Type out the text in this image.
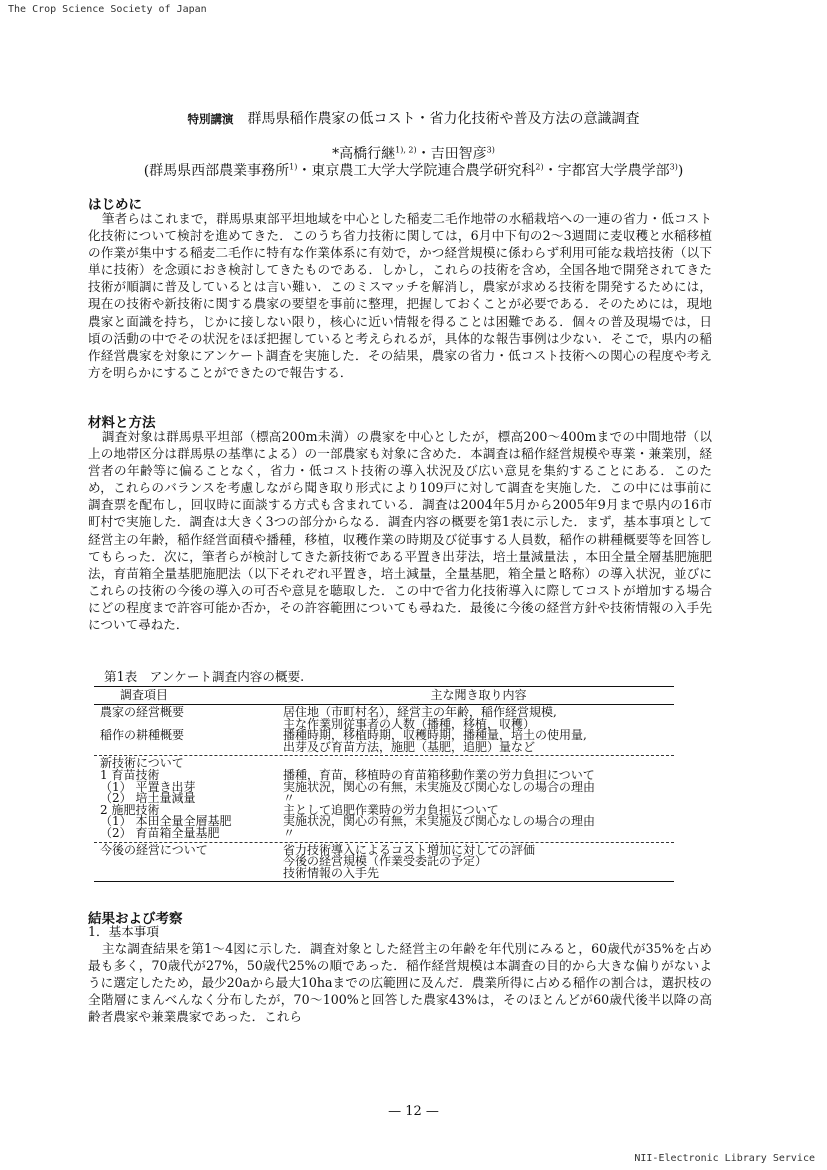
The Crop Science Society of Japan
特別講演 群馬県稲作農家の低コスト・省力化技術や普及方法の意識調査
*高橋行継$^{1), 2)}$・吉田智彦$^{3)}$
(群馬県西部農業事務所$^{1)}$・東京農工大学大学院連合農学研究科$^{2)}$・宇都宮大学農学部$^{3)}$)
はじめに
筆者らはこれまで，群馬県東部平坦地域を中心とした稲麦二毛作地帯の水稲栽培への一連の省力・低コスト化技術について検討を進めてきた．このうち省力技術に関しては，6月中下旬の2～3週間に麦収穫と水稲移植の作業が集中する稲麦二毛作に特有な作業体系に有効で，かつ経営規模に係わらず利用可能な栽培技術（以下単に技術）を念頭におき検討してきたものである．しかし，これらの技術を含め，全国各地で開発されてきた技術が順調に普及しているとは言い難い．このミスマッチを解消し，農家が求める技術を開発するためには，現在の技術や新技術に関する農家の要望を事前に整理，把握しておくことが必要である．そのためには，現地農家と面識を持ち，じかに接しない限り，核心に近い情報を得ることは困難である．個々の普及現場では，日頃の活動の中でその状況をほぼ把握していると考えられるが，具体的な報告事例は少ない．そこで，県内の稲作経営農家を対象にアンケート調査を実施した．その結果，農家の省力・低コスト技術への関心の程度や考え方を明らかにすることができたので報告する．
材料と方法
調査対象は群馬県平坦部（標高200m未満）の農家を中心としたが，標高200～400mまでの中間地帯（以上の地帯区分は群馬県の基準による）の一部農家も対象に含めた．本調査は稲作経営規模や専業・兼業別，経営者の年齢等に偏ることなく，省力・低コスト技術の導入状況及び広い意見を集約することにある．このため，これらのバランスを考慮しながら聞き取り形式により109戸に対して調査を実施した．この中には事前に調査票を配布し，回収時に面談する方式も含まれている．調査は2004年5月から2005年9月まで県内の16市町村で実施した．調査は大きく3つの部分からなる．調査内容の概要を第1表に示した．まず，基本事項として経営主の年齢，稲作経営面積や播種，移植，収穫作業の時期及び従事する人員数，稲作の耕種概要等を回答してもらった．次に，筆者らが検討してきた新技術である平置き出芽法，培土量減量法 ，本田全量全層基肥施肥法，育苗箱全量基肥施肥法（以下それぞれ平置き，培土減量，全量基肥，箱全量と略称）の導入状況，並びにこれらの技術の今後の導入の可否や意見を聴取した．この中で省力化技術導入に際してコストが増加する場合にどの程度まで許容可能か否か，その許容範囲についても尋ねた．最後に今後の経営方針や技術情報の入手先について尋ねた．
第1表　アンケート調査内容の概要.
調査項目	主な聞き取り内容
農家の経営概要	居住地（市町村名），経営主の年齢，稲作経営規模,
主な作業別従事者の人数（播種，移植，収穫）
稲作の耕種概要	播種時期，移植時期，収穫時期，播種量，培土の使用量,
出芽及び育苗方法，施肥（基肥，追肥）量など
新技術について
1 育苗技術	播種，育苗，移植時の育苗箱移動作業の労力負担について
（1） 平置き出芽	実施状況，関心の有無，未実施及び関心なしの場合の理由
（2） 培土量減量	〃
2 施肥技術	主として追肥作業時の労力負担について
（1） 本田全量全層基肥	実施状況，関心の有無，未実施及び関心なしの場合の理由
（2） 育苗箱全量基肥	〃
今後の経営について	省力技術導入によるコスト増加に対しての評価
今後の経営規模（作業受委託の予定）
技術情報の入手先
結果および考察
1．基本事項
主な調査結果を第1～4図に示した．調査対象とした経営主の年齢を年代別にみると，60歳代が35%を占め最も多く，70歳代が27%，50歳代25%の順であった．稲作経営規模は本調査の目的から大きな偏りがないように選定したため，最少20aから最大10haまでの広範囲に及んだ．農業所得に占める稲作の割合は，選択枝の全階層にまんべんなく分布したが，70～100%と回答した農家43%は，そのほとんどが60歳代後半以降の高齢者農家や兼業農家であった．これら
— 12 —
NII-Electronic Library Service
